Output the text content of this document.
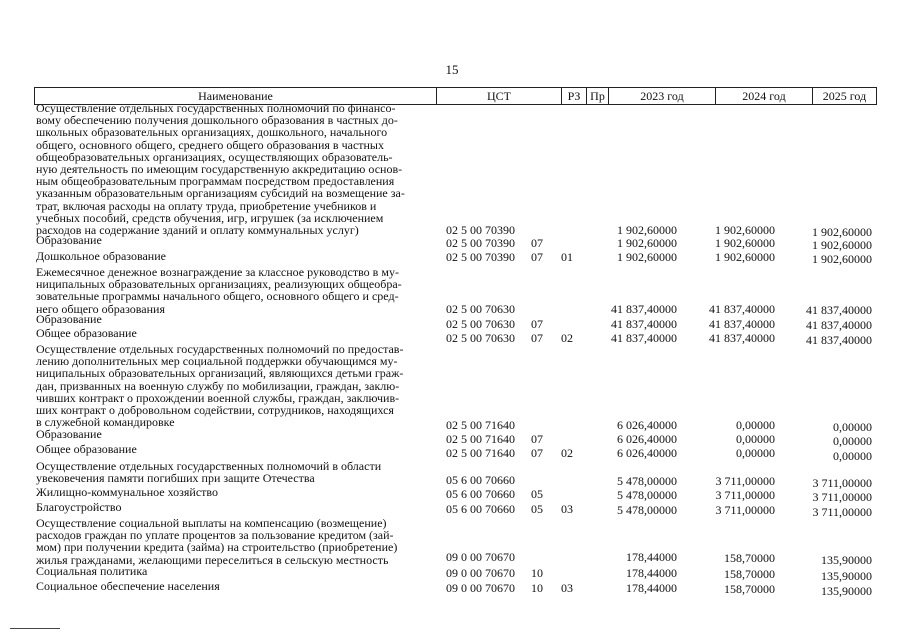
15
Наименование	ЦСТ	РЗ Пр	2023 год	2024 год	2025 год
Осуществление отдельных государственных полномочий по финансо-
вому обеспечению получения дошкольного образования в частных до-
школьных образовательных организациях, дошкольного, начального
общего, основного общего, среднего общего образования в частных
общеобразовательных организациях, осуществляющих образователь-
ную деятельность по имеющим государственную аккредитацию основ-
ным общеобразовательным программам посредством предоставления
указанным образовательным организациям субсидий на возмещение за-
трат, включая расходы на оплату труда, приобретение учебников и
учебных пособий, средств обучения, игр, игрушек (за исключением
расходов на содержание зданий и оплату коммунальных услуг)	02 5 00 70390	1 902,60000	1 902,60000	1 902,60000
Образование	02 5 00 70390 07	1 902,60000	1 902,60000	1 902,60000
Дошкольное образование	02 5 00 70390 07 01	1 902,60000	1 902,60000	1 902,60000
Ежемесячное денежное вознаграждение за классное руководство в му-
ниципальных образовательных организациях, реализующих общеобра-
зовательные программы начального общего, основного общего и сред-
него общего образования	02 5 00 70630	41 837,40000	41 837,40000	41 837,40000
Образование	02 5 00 70630 07	41 837,40000	41 837,40000	41 837,40000
Общее образование	02 5 00 70630 07 02	41 837,40000	41 837,40000	41 837,40000
Осуществление отдельных государственных полномочий по предостав-
лению дополнительных мер социальной поддержки обучающимся му-
ниципальных образовательных организаций, являющихся детьми граж-
дан, призванных на военную службу по мобилизации, граждан, заклю-
чивших контракт о прохождении военной службы, граждан, заключив-
ших контракт о добровольном содействии, сотрудников, находящихся
в служебной командировке	02 5 00 71640	6 026,40000	0,00000	0,00000
Образование	02 5 00 71640 07	6 026,40000	0,00000	0,00000
Общее образование	02 5 00 71640 07 02	6 026,40000	0,00000	0,00000
Осуществление отдельных государственных полномочий в области
увековечения памяти погибших при защите Отечества	05 6 00 70660	5 478,00000	3 711,00000	3 711,00000
Жилищно-коммунальное хозяйство	05 6 00 70660 05	5 478,00000	3 711,00000	3 711,00000
Благоустройство	05 6 00 70660 05 03	5 478,00000	3 711,00000	3 711,00000
Осуществление социальной выплаты на компенсацию (возмещение)
расходов граждан по уплате процентов за пользование кредитом (зай-
мом) при получении кредита (займа) на строительство (приобретение)
жилья гражданами, желающими переселиться в сельскую местность	09 0 00 70670	178,44000	158,70000	135,90000
Социальная политика	09 0 00 70670 10	178,44000	158,70000	135,90000
Социальное обеспечение населения	09 0 00 70670 10 03	178,44000	158,70000	135,90000
